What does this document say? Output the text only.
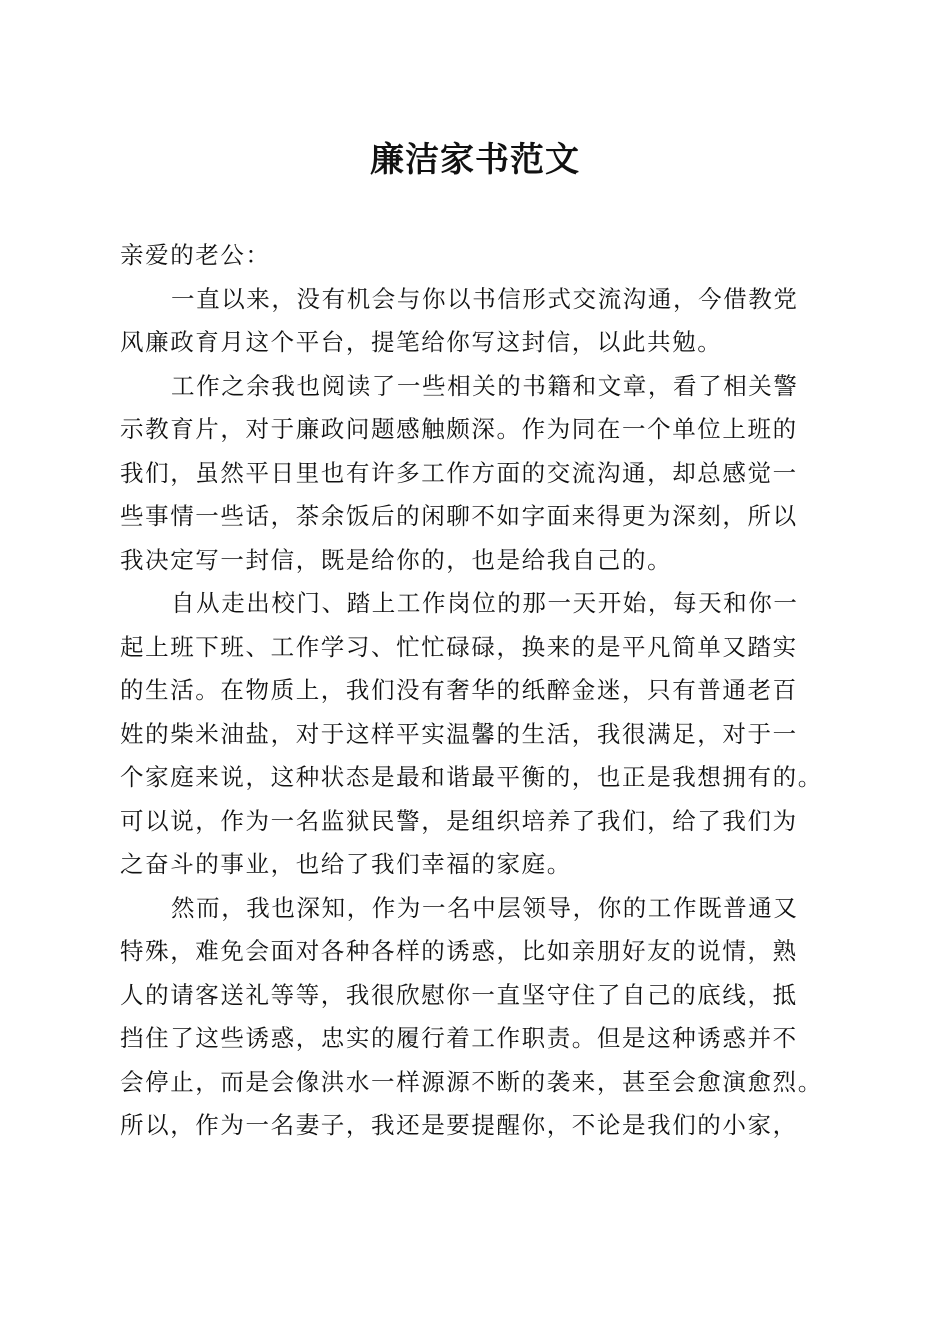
廉洁家书范文
亲爱的老公：
一直以来，没有机会与你以书信形式交流沟通，今借教党
风廉政育月这个平台，提笔给你写这封信，以此共勉。
工作之余我也阅读了一些相关的书籍和文章，看了相关警
示教育片，对于廉政问题感触颇深。作为同在一个单位上班的
我们，虽然平日里也有许多工作方面的交流沟通，却总感觉一
些事情一些话，茶余饭后的闲聊不如字面来得更为深刻，所以
我决定写一封信，既是给你的，也是给我自己的。
自从走出校门、踏上工作岗位的那一天开始，每天和你一
起上班下班、工作学习、忙忙碌碌，换来的是平凡简单又踏实
的生活。在物质上，我们没有奢华的纸醉金迷，只有普通老百
姓的柴米油盐，对于这样平实温馨的生活，我很满足，对于一
个家庭来说，这种状态是最和谐最平衡的，也正是我想拥有的。
可以说，作为一名监狱民警，是组织培养了我们，给了我们为
之奋斗的事业，也给了我们幸福的家庭。
然而，我也深知，作为一名中层领导，你的工作既普通又
特殊，难免会面对各种各样的诱惑，比如亲朋好友的说情，熟
人的请客送礼等等，我很欣慰你一直坚守住了自己的底线，抵
挡住了这些诱惑，忠实的履行着工作职责。但是这种诱惑并不
会停止，而是会像洪水一样源源不断的袭来，甚至会愈演愈烈。
所以，作为一名妻子，我还是要提醒你，不论是我们的小家，
